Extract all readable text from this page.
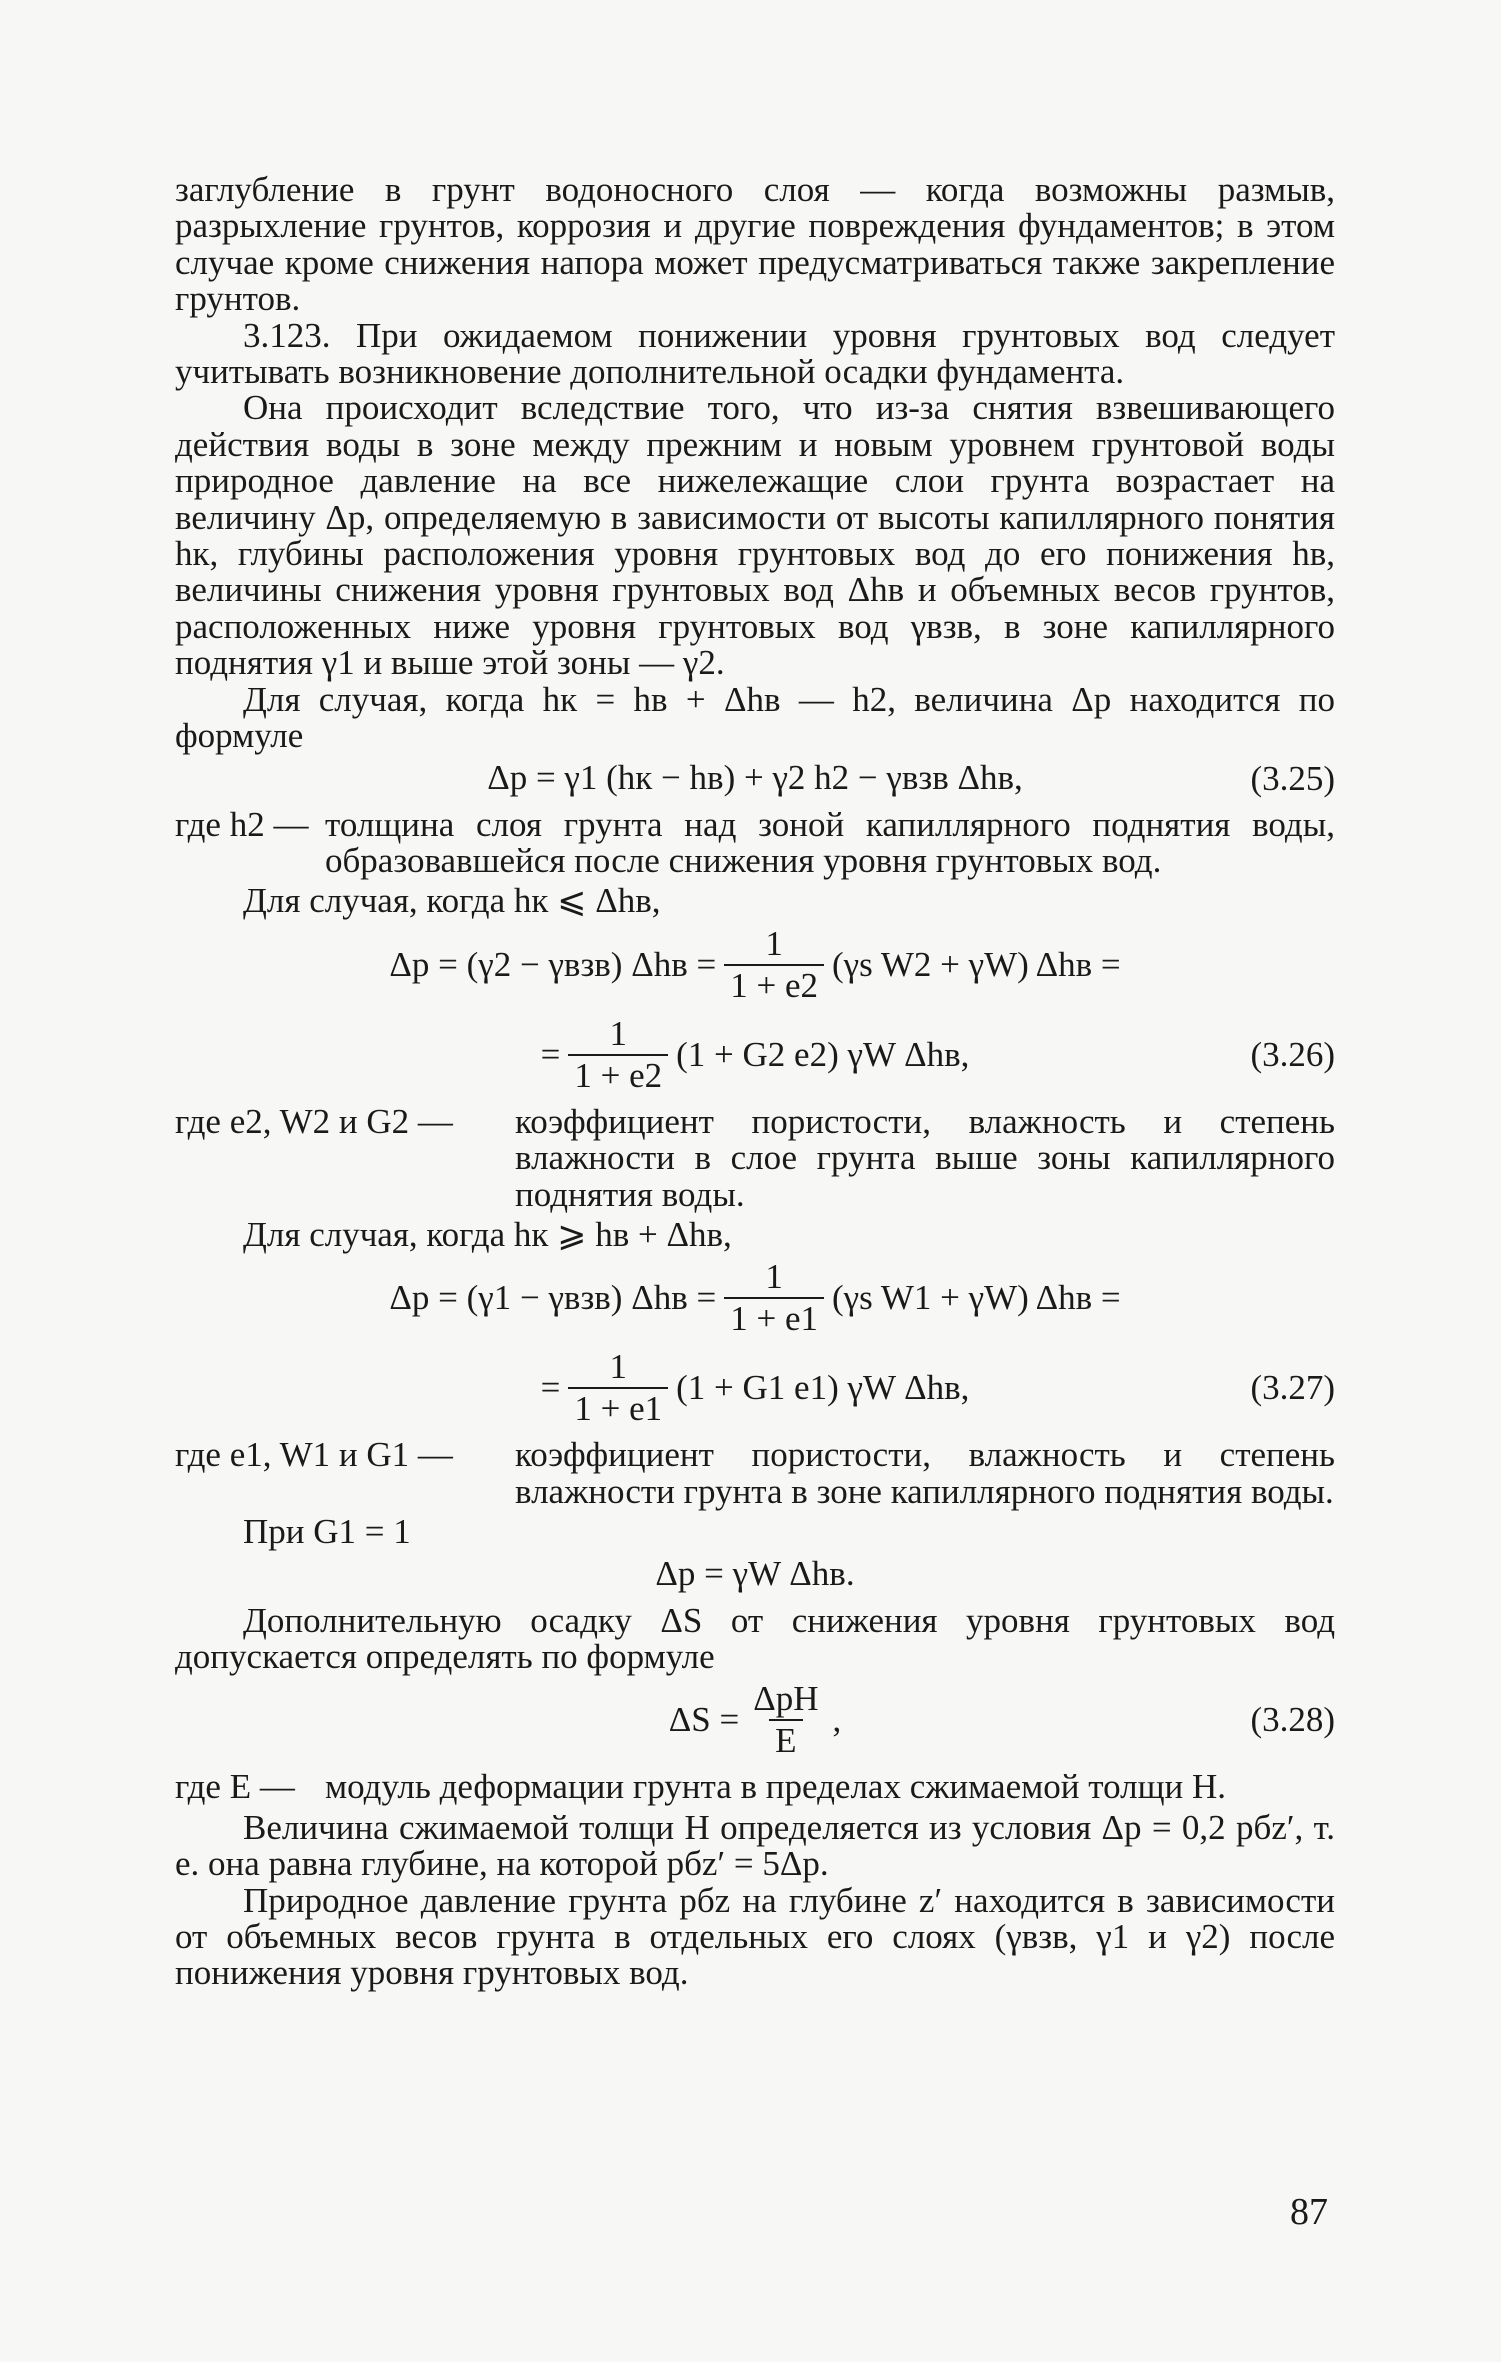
заглубление в грунт водоносного слоя — когда возможны размыв, разрыхление грунтов, коррозия и другие повреждения фундаментов; в этом случае кроме снижения напора может предусматриваться также закрепление грунтов.

3.123. При ожидаемом понижении уровня грунтовых вод следует учитывать возникновение дополнительной осадки фундамента.

Она происходит вследствие того, что из-за снятия взвешивающего действия воды в зоне между прежним и новым уровнем грунтовой воды природное давление на все нижележащие слои грунта возрастает на величину Δp, определяемую в зависимости от высоты капиллярного понятия hк, глубины расположения уровня грунтовых вод до его понижения hв, величины снижения уровня грунтовых вод Δhв и объемных весов грунтов, расположенных ниже уровня грунтовых вод γвзв, в зоне капиллярного поднятия γ1 и выше этой зоны — γ2.

Для случая, когда hк = hв + Δhв — h2, величина Δp находится по формуле

Δp = γ1 (hк − hв) + γ2 h2 − γвзв Δhв,	(3.25)
где h2 — толщина слоя грунта над зоной капиллярного поднятия воды, образовавшейся после снижения уровня грунтовых вод.

Для случая, когда hк ⩽ Δhв,

Δp = (γ2 − γвзв) $\Delta hв = \frac{1}{1 + e2} (\gamma s$ W2 + γW) Δhв =
= $\frac{1}{1 + e2} (1 + G2$ e2) γW Δhв,	(3.26)
где e2, W2 и G2 —	коэффициент пористости, влажность и степень влажности в слое грунта выше зоны капиллярного поднятия воды.

Для случая, когда hк ⩾ hв + Δhв,

Δp = (γ1 − γвзв) $\Delta hв = \frac{1}{1 + e1} (\gamma s$ W1 + γW) Δhв =
= $\frac{1}{1 + e1} (1 + G1$ e1) γW Δhв,	(3.27)
где e1, W1 и G1 —	коэффициент пористости, влажность и степень влажности грунта в зоне капиллярного поднятия воды.

При G1 = 1

Δp = γW Δhв.

Дополнительную осадку ΔS от снижения уровня грунтовых вод допускается определять по формуле

$\Delta S = \frac{\text{ΔpH}}{E}$ ,	(3.28)
где E — модуль деформации грунта в пределах сжимаемой толщи H.

Величина сжимаемой толщи H определяется из условия Δp = 0,2 pбz′, т. е. она равна глубине, на которой pбz′ = 5Δp.

Природное давление грунта pбz на глубине z′ находится в зависимости от объемных весов грунта в отдельных его слоях (γвзв, γ1 и γ2) после понижения уровня грунтовых вод.

87
